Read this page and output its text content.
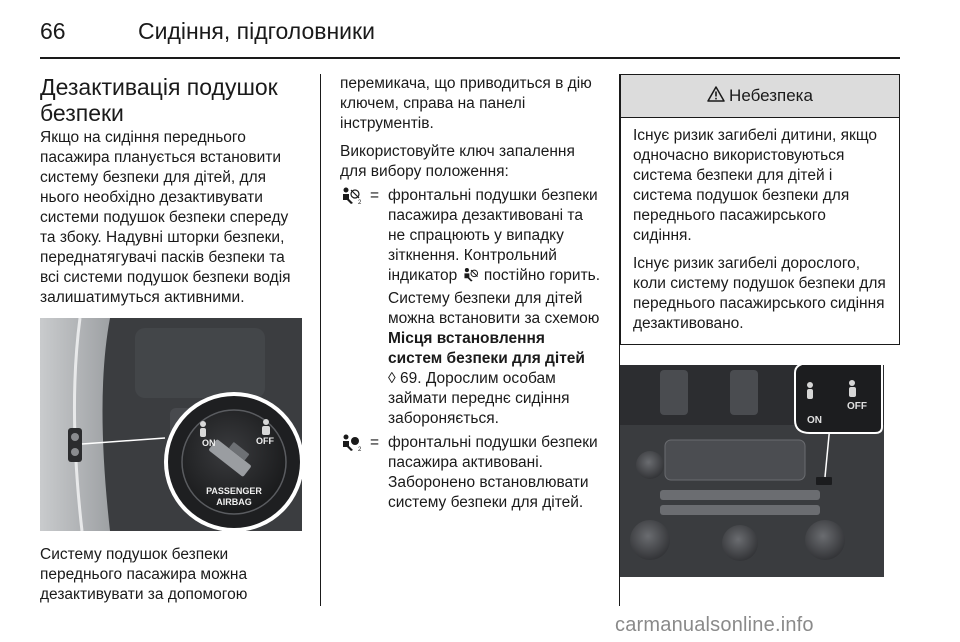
66	Сидіння, підголовники
Дезактивація подушок безпеки

Якщо на сидіння переднього пасажира планується встановити систему безпеки для дітей, для нього необхідно дезактивувати системи подушок безпеки спереду та збоку. Надувні шторки безпеки, переднатягувачі пасків безпеки та всі системи подушок безпеки водія залишатимуться активними.

ON	OFF
PASSENGER
AIRBAG

Систему подушок безпеки переднього пасажира можна дезактивувати за допомогою

перемикача, що приводиться в дію ключем, справа на панелі інструментів.

Використовуйте ключ запалення для вибору положення:

2 = фронтальні подушки безпеки пасажира дезактивовані та не спрацюють у випадку зіткнення. Контрольний індикатор  постійно горить. Систему безпеки для дітей можна встановити за схемою Місця встановлення систем безпеки для дітей
◊ 69. Дорослим особам займати переднє сидіння забороняється.
2 = фронтальні подушки безпеки пасажира активовані. Заборонено встановлювати систему безпеки для дітей.
Небезпека

Існує ризик загибелі дитини, якщо одночасно використовуються система безпеки для дітей і система подушок безпеки для переднього пасажирського сидіння.

Існує ризик загибелі дорослого, коли систему подушок безпеки для переднього пасажирського сидіння дезактивовано.

ON
OFF
carmanualsonline.info
